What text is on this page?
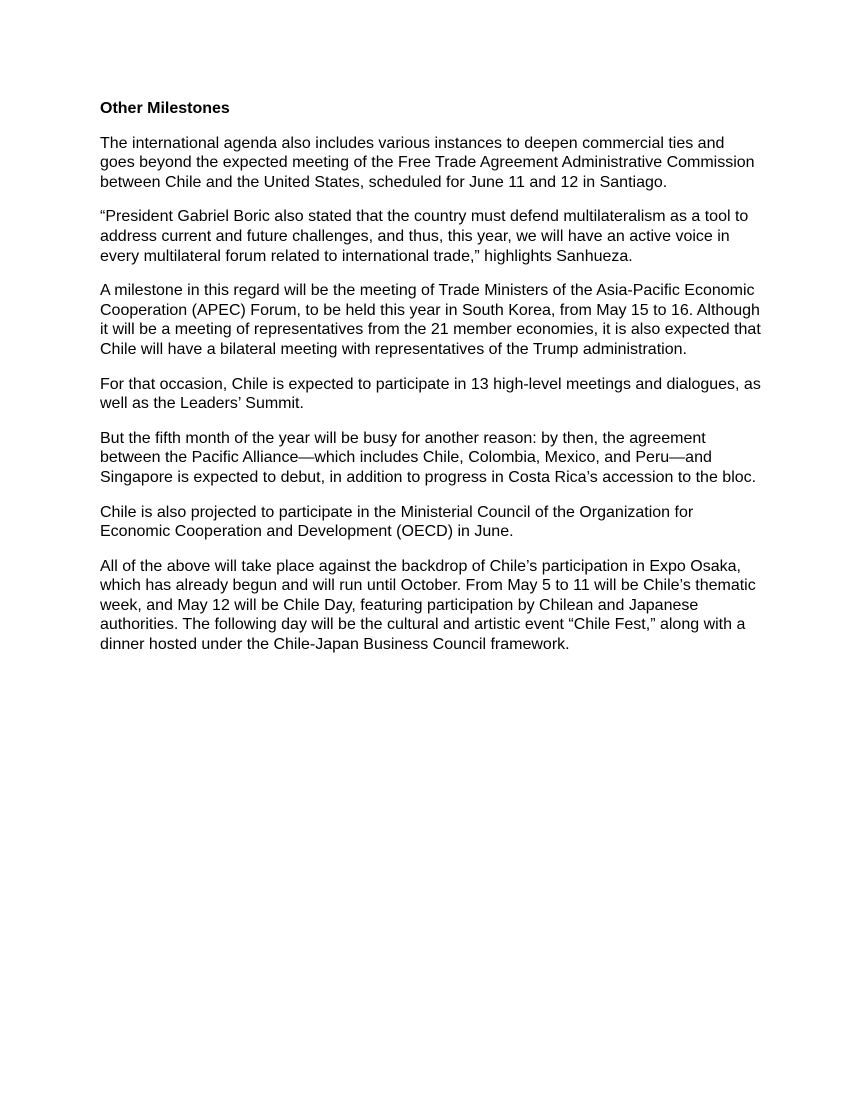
Other Milestones

The international agenda also includes various instances to deepen commercial ties and goes beyond the expected meeting of the Free Trade Agreement Administrative Commission between Chile and the United States, scheduled for June 11 and 12 in Santiago.

“President Gabriel Boric also stated that the country must defend multilateralism as a tool to address current and future challenges, and thus, this year, we will have an active voice in every multilateral forum related to international trade,” highlights Sanhueza.

A milestone in this regard will be the meeting of Trade Ministers of the Asia-Pacific Economic Cooperation (APEC) Forum, to be held this year in South Korea, from May 15 to 16. Although it will be a meeting of representatives from the 21 member economies, it is also expected that Chile will have a bilateral meeting with representatives of the Trump administration.

For that occasion, Chile is expected to participate in 13 high-level meetings and dialogues, as well as the Leaders’ Summit.

But the fifth month of the year will be busy for another reason: by then, the agreement between the Pacific Alliance—which includes Chile, Colombia, Mexico, and Peru—and Singapore is expected to debut, in addition to progress in Costa Rica’s accession to the bloc.

Chile is also projected to participate in the Ministerial Council of the Organization for Economic Cooperation and Development (OECD) in June.

All of the above will take place against the backdrop of Chile’s participation in Expo Osaka, which has already begun and will run until October. From May 5 to 11 will be Chile’s thematic week, and May 12 will be Chile Day, featuring participation by Chilean and Japanese authorities. The following day will be the cultural and artistic event “Chile Fest,” along with a dinner hosted under the Chile-Japan Business Council framework.
